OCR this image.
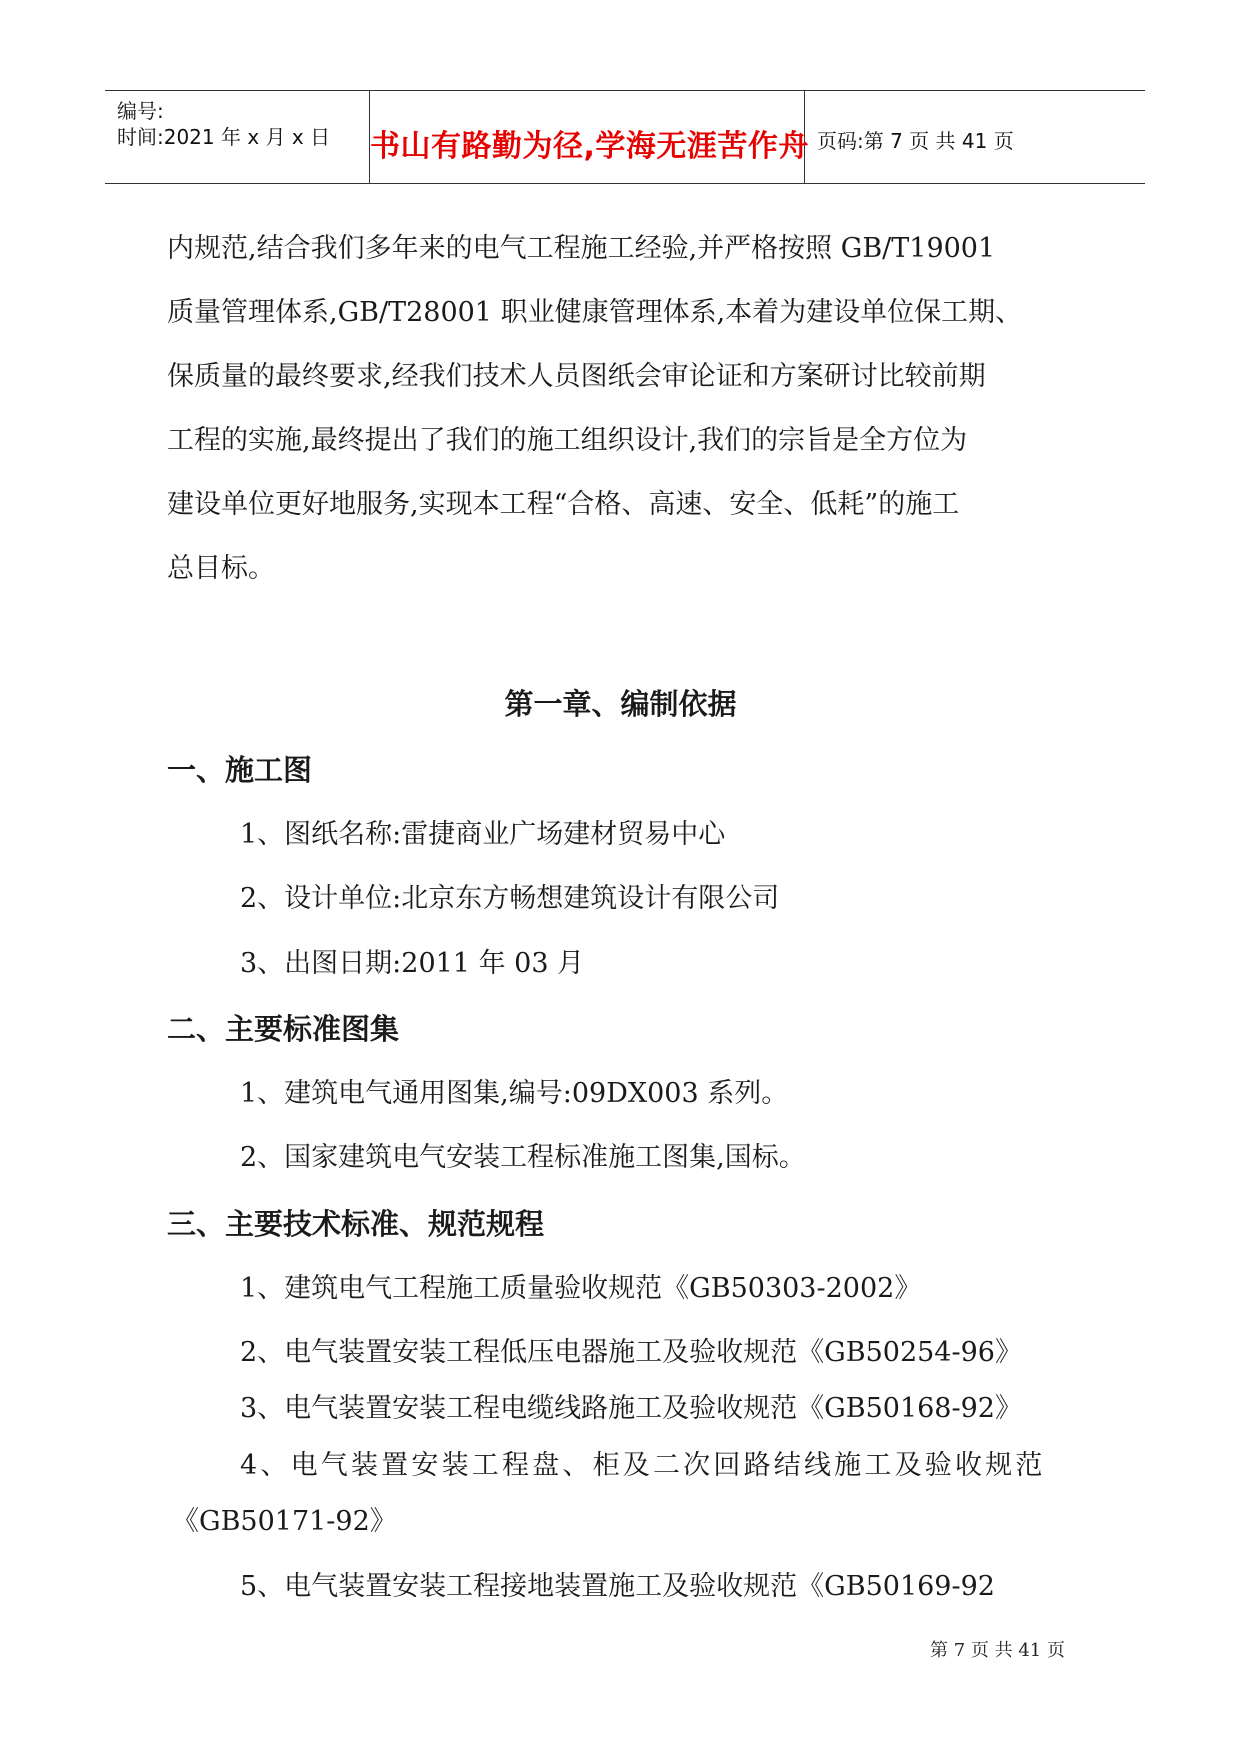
编号:
时间:2021 年 x 月 x 日 书山有路勤为径,学海无涯苦作舟 页码:第 7 页 共 41 页
内规范,结合我们多年来的电气工程施工经验,并严格按照 GB/T19001
质量管理体系,GB/T28001 职业健康管理体系,本着为建设单位保工期、
保质量的最终要求,经我们技术人员图纸会审论证和方案研讨比较前期
工程的实施,最终提出了我们的施工组织设计,我们的宗旨是全方位为
建设单位更好地服务,实现本工程“合格、高速、安全、低耗”的施工
总目标。
第一章、编制依据
一、施工图
1、图纸名称:雷捷商业广场建材贸易中心
2、设计单位:北京东方畅想建筑设计有限公司
3、出图日期:2011 年 03 月
二、主要标准图集
1、建筑电气通用图集,编号:09DX003 系列。
2、国家建筑电气安装工程标准施工图集,国标。
三、主要技术标准、规范规程
1、建筑电气工程施工质量验收规范《GB50303-2002》
2、电气装置安装工程低压电器施工及验收规范《GB50254-96》
3、电气装置安装工程电缆线路施工及验收规范《GB50168-92》
4、电气装置安装工程盘、柜及二次回路结线施工及验收规范
《GB50171-92》
5、电气装置安装工程接地装置施工及验收规范《GB50169-92
第 7 页 共 41 页
